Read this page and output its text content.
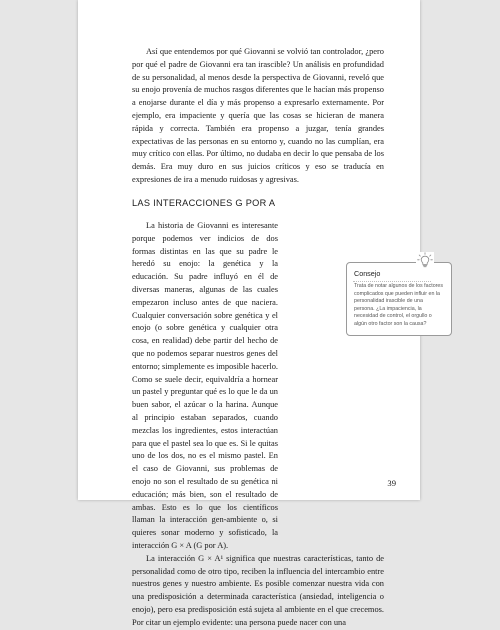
Así que entendemos por qué Giovanni se volvió tan controlador, ¿pero por qué el padre de Giovanni era tan irascible? Un análisis en profundidad de su personalidad, al menos desde la perspectiva de Giovanni, reveló que su enojo provenía de muchos rasgos diferentes que le hacían más propenso a enojarse durante el día y más propenso a expresarlo externamente. Por ejemplo, era impaciente y quería que las cosas se hicieran de manera rápida y correcta. También era propenso a juzgar, tenía grandes expectativas de las personas en su entorno y, cuando no las cumplían, era muy crítico con ellas. Por último, no dudaba en decir lo que pensaba de los demás. Era muy duro en sus juicios críticos y eso se traducía en expresiones de ira a menudo ruidosas y agresivas.

LAS INTERACCIONES G POR A

La historia de Giovanni es interesante porque podemos ver indicios de dos formas distintas en las que su padre le heredó su enojo: la genética y la educación. Su padre influyó en él de diversas maneras, algunas de las cuales empezaron incluso antes de que naciera. Cualquier conversación sobre genética y el enojo (o sobre genética y cualquier otra cosa, en realidad) debe partir del hecho de que no podemos separar nuestros genes del entorno; simplemente es imposible hacerlo. Como se suele decir, equivaldría a hornear un pastel y preguntar qué es lo que le da un buen sabor, el azúcar o la harina. Aunque al principio estaban separados, cuando mezclas los ingredientes, estos interactúan para que el pastel sea lo que es. Si le quitas uno de los dos, no es el mismo pastel. En el caso de Giovanni, sus problemas de enojo no son el resultado de su genética ni educación; más bien, son el resultado de ambas. Esto es lo que los científicos llaman la interacción gen-ambiente o, si quieres sonar moderno y sofisticado, la interacción G × A (G por A).

La interacción G × A¹ significa que nuestras características, tanto de personalidad como de otro tipo, reciben la influencia del intercambio entre nuestros genes y nuestro ambiente. Es posible comenzar nuestra vida con una predisposición a determinada característica (ansiedad, inteligencia o enojo), pero esa predisposición está sujeta al ambiente en el que crecemos. Por citar un ejemplo evidente: una persona puede nacer con una

Consejo
Trata de notar algunos de los factores complicados que pueden influir en la personalidad irascible de una persona. ¿La impaciencia, la necesidad de control, el orgullo o algún otro factor son la causa?
39
